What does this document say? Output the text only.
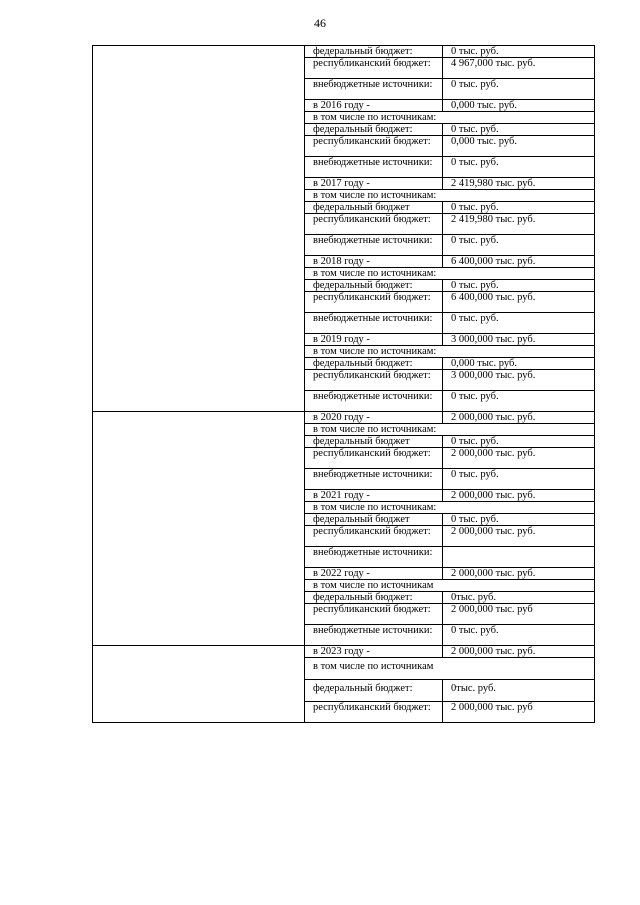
46
	федеральный бюджет:	0 тыс. руб.
	республиканский бюджет:	4 967,000 тыс. руб.
	внебюджетные источники:	0 тыс. руб.
	в 2016 году -	0,000 тыс. руб.
	в том числе по источникам:	
	федеральный бюджет:	0 тыс. руб.
	республиканский бюджет:	0,000 тыс. руб.
	внебюджетные источники:	0 тыс. руб.
	в 2017 году -	2 419,980 тыс. руб.
	в том числе по источникам:	
	федеральный бюджет	0 тыс. руб.
	республиканский бюджет:	2 419,980 тыс. руб.
	внебюджетные источники:	0 тыс. руб.
	в 2018 году -	6 400,000 тыс. руб.
	в том числе по источникам:	
	федеральный бюджет:	0 тыс. руб.
	республиканский бюджет:	6 400,000 тыс. руб.
	внебюджетные источники:	0 тыс. руб.
	в 2019 году -	3 000,000 тыс. руб.
	в том числе по источникам:	
	федеральный бюджет:	0,000 тыс. руб.
	республиканский бюджет:	3 000,000 тыс. руб.
	внебюджетные источники:	0 тыс. руб.
	в 2020 году -	2 000,000 тыс. руб.
	в том числе по источникам:	
	федеральный бюджет	0 тыс. руб.
	республиканский бюджет:	2 000,000 тыс. руб.
	внебюджетные источники:	0 тыс. руб.
	в 2021 году -	2 000,000 тыс. руб.
	в том числе по источникам:	
	федеральный бюджет	0 тыс. руб.
	республиканский бюджет:	2 000,000 тыс. руб.
	внебюджетные источники:	
	в 2022 году -	2 000,000 тыс. руб.
	в том числе по источникам	
	федеральный бюджет:	0тыс. руб.
	республиканский бюджет:	2 000,000 тыс. руб
	внебюджетные источники:	0 тыс. руб.
	в 2023 году -	2 000,000 тыс. руб.
	в том числе по источникам	
	федеральный бюджет:	0тыс. руб.
	республиканский бюджет:	2 000,000 тыс. руб
